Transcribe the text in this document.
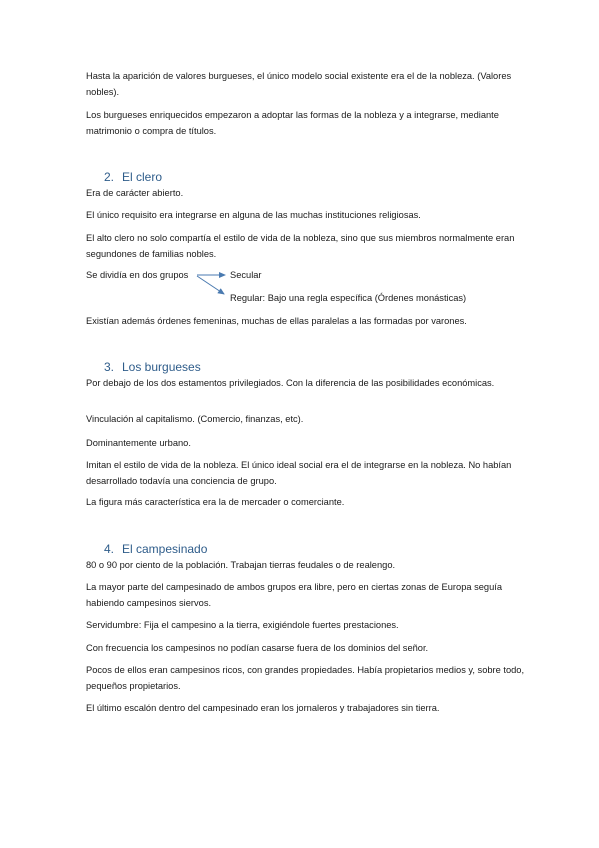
Hasta la aparición de valores burgueses, el único modelo social existente era el de la nobleza. (Valores nobles).

Los burgueses enriquecidos empezaron a adoptar las formas de la nobleza y a integrarse, mediante matrimonio o compra de títulos.

2. El clero

Era de carácter abierto.

El único requisito era integrarse en alguna de las muchas instituciones religiosas.

El alto clero no solo compartía el estilo de vida de la nobleza, sino que sus miembros normalmente eran segundones de familias nobles.

Se dividía en dos grupos	Secular
Regular: Bajo una regla específica (Órdenes monásticas)

Existían además órdenes femeninas, muchas de ellas paralelas a las formadas por varones.

3. Los burgueses

Por debajo de los dos estamentos privilegiados. Con la diferencia de las posibilidades económicas.

Vinculación al capitalismo. (Comercio, finanzas, etc).

Dominantemente urbano.

Imitan el estilo de vida de la nobleza. El único ideal social era el de integrarse en la nobleza. No habían desarrollado todavía una conciencia de grupo.

La figura más característica era la de mercader o comerciante.

4. El campesinado

80 o 90 por ciento de la población. Trabajan tierras feudales o de realengo.

La mayor parte del campesinado de ambos grupos era libre, pero en ciertas zonas de Europa seguía habiendo campesinos siervos.

Servidumbre: Fija el campesino a la tierra, exigiéndole fuertes prestaciones.

Con frecuencia los campesinos no podían casarse fuera de los dominios del señor.

Pocos de ellos eran campesinos ricos, con grandes propiedades. Había propietarios medios y, sobre todo, pequeños propietarios.

El último escalón dentro del campesinado eran los jornaleros y trabajadores sin tierra.
